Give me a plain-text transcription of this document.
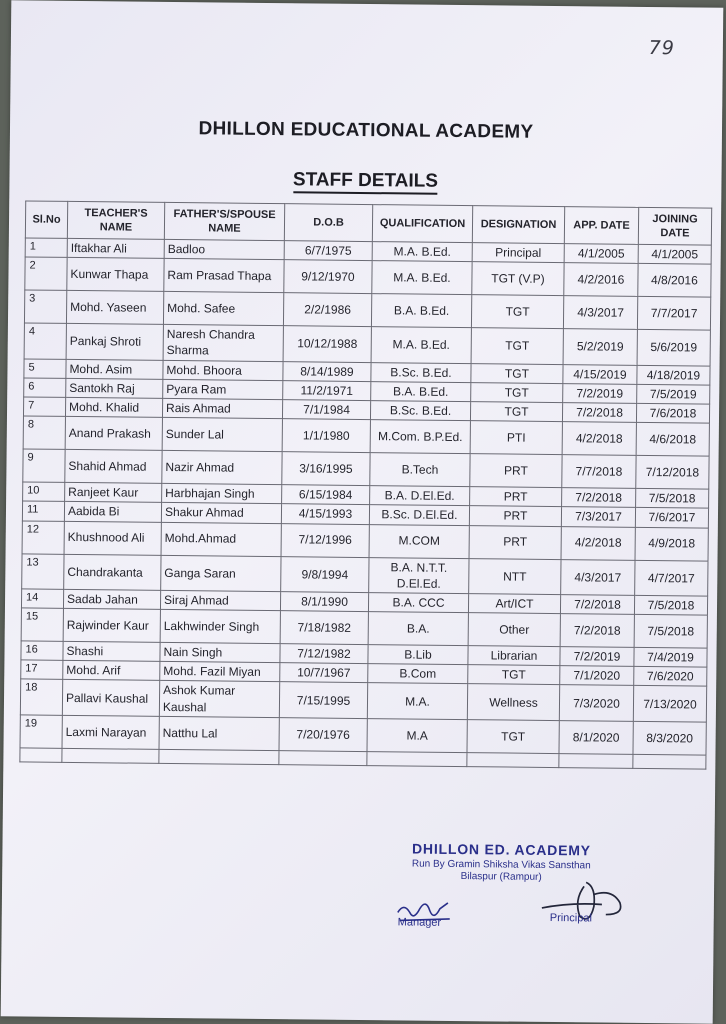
79
DHILLON EDUCATIONAL ACADEMY
STAFF DETAILS
Sl.No	TEACHER'S NAME	FATHER'S/SPOUSE NAME	D.O.B	QUALIFICATION	DESIGNATION	APP. DATE	JOINING DATE
1	Iftakhar Ali	Badloo	6/7/1975	M.A. B.Ed.	Principal	4/1/2005	4/1/2005
2	Kunwar Thapa	Ram Prasad Thapa	9/12/1970	M.A. B.Ed.	TGT (V.P)	4/2/2016	4/8/2016
3	Mohd. Yaseen	Mohd. Safee	2/2/1986	B.A. B.Ed.	TGT	4/3/2017	7/7/2017
4	Pankaj Shroti	Naresh Chandra Sharma	10/12/1988	M.A. B.Ed.	TGT	5/2/2019	5/6/2019
5	Mohd. Asim	Mohd. Bhoora	8/14/1989	B.Sc. B.Ed.	TGT	4/15/2019	4/18/2019
6	Santokh Raj	Pyara Ram	11/2/1971	B.A. B.Ed.	TGT	7/2/2019	7/5/2019
7	Mohd. Khalid	Rais Ahmad	7/1/1984	B.Sc. B.Ed.	TGT	7/2/2018	7/6/2018
8	Anand Prakash	Sunder Lal	1/1/1980	M.Com. B.P.Ed.	PTI	4/2/2018	4/6/2018
9	Shahid Ahmad	Nazir Ahmad	3/16/1995	B.Tech	PRT	7/7/2018	7/12/2018
10	Ranjeet Kaur	Harbhajan Singh	6/15/1984	B.A. D.El.Ed.	PRT	7/2/2018	7/5/2018
11	Aabida Bi	Shakur Ahmad	4/15/1993	B.Sc. D.El.Ed.	PRT	7/3/2017	7/6/2017
12	Khushnood Ali	Mohd.Ahmad	7/12/1996	M.COM	PRT	4/2/2018	4/9/2018
13	Chandrakanta	Ganga Saran	9/8/1994	B.A. N.T.T. D.El.Ed.	NTT	4/3/2017	4/7/2017
14	Sadab Jahan	Siraj Ahmad	8/1/1990	B.A. CCC	Art/ICT	7/2/2018	7/5/2018
15	Rajwinder Kaur	Lakhwinder Singh	7/18/1982	B.A.	Other	7/2/2018	7/5/2018
16	Shashi	Nain Singh	7/12/1982	B.Lib	Librarian	7/2/2019	7/4/2019
17	Mohd. Arif	Mohd. Fazil Miyan	10/7/1967	B.Com	TGT	7/1/2020	7/6/2020
18	Pallavi Kaushal	Ashok Kumar Kaushal	7/15/1995	M.A.	Wellness	7/3/2020	7/13/2020
19	Laxmi Narayan	Natthu Lal	7/20/1976	M.A	TGT	8/1/2020	8/3/2020

DHILLON ED. ACADEMY
Run By Gramin Shiksha Vikas Sansthan
Bilaspur (Rampur)
Manager	Principal
